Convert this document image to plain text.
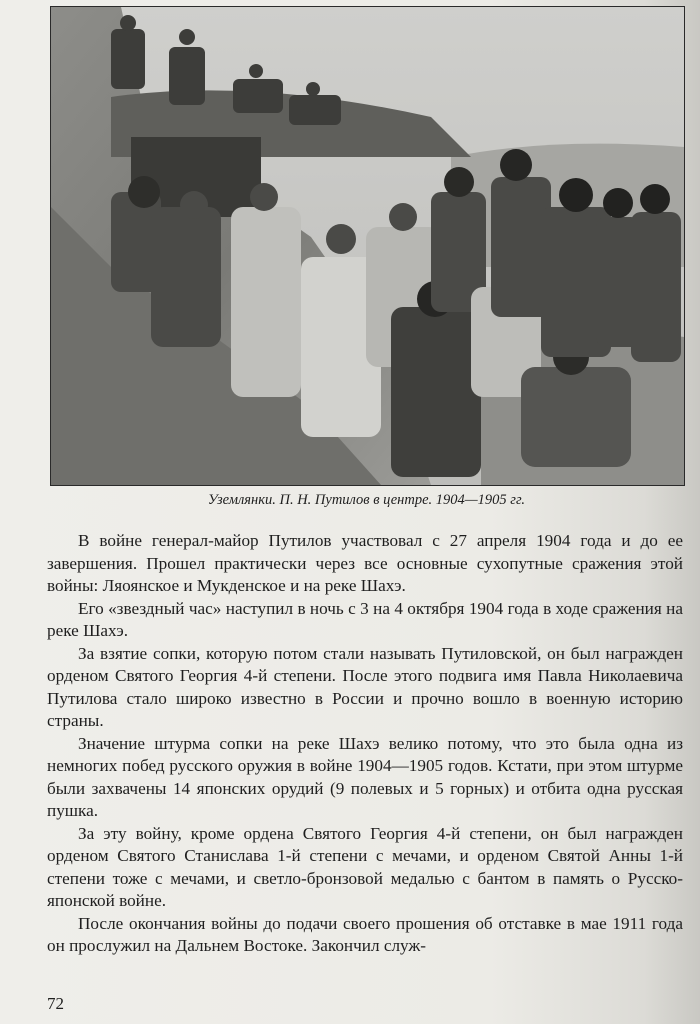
Уземлянки. П. Н. Путилов в центре. 1904—1905 гг.

В войне генерал-майор Путилов участвовал с 27 апреля 1904 года и до ее завершения. Прошел практически через все основные сухопутные сражения этой войны: Ляоянское и Мукденское и на реке Шахэ.

Его «звездный час» наступил в ночь с 3 на 4 октября 1904 года в ходе сражения на реке Шахэ.

За взятие сопки, которую потом стали называть Путиловской, он был награжден орденом Святого Георгия 4-й степени. После этого подвига имя Павла Николаевича Путилова стало широко известно в России и прочно вошло в военную историю страны.

Значение штурма сопки на реке Шахэ велико потому, что это была одна из немногих побед русского оружия в войне 1904—1905 годов. Кстати, при этом штурме были захвачены 14 японских орудий (9 полевых и 5 горных) и отбита одна русская пушка.

За эту войну, кроме ордена Святого Георгия 4-й степени, он был награжден орденом Святого Станислава 1-й степени с мечами, и орденом Святой Анны 1-й степени тоже с мечами, и светло-бронзовой медалью с бантом в память о Русско-японской войне.

После окончания войны до подачи своего прошения об отставке в мае 1911 года он прослужил на Дальнем Востоке. Закончил служ-

72
